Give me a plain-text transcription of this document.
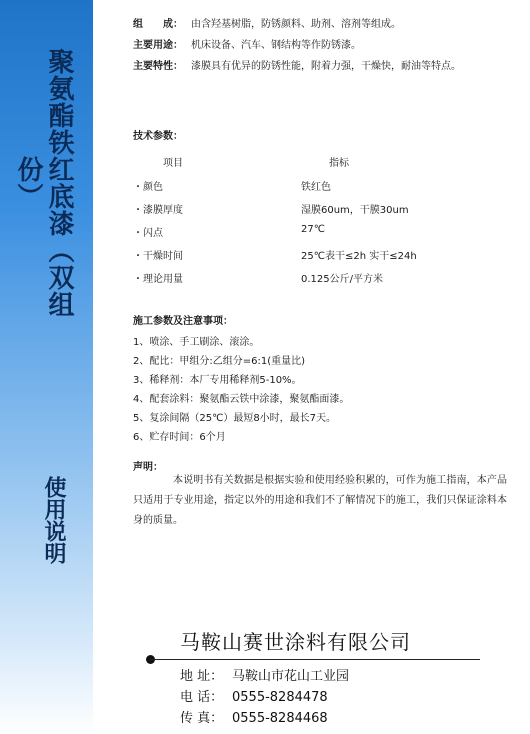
聚氨酯铁红底漆（双组份）
使用说明
组　　成： 由含羟基树脂，防锈颜料、助剂、溶剂等组成。
主要用途： 机床设备、汽车、钢结构等作防锈漆。
主要特性： 漆膜具有优异的防锈性能，附着力强，干燥快，耐油等特点。
技术参数：
项目	指标
・颜色	铁红色
・漆膜厚度	湿膜60um，干膜30um
・闪点	27℃
・干燥时间	25℃表干≤2h 实干≤24h
・理论用量	0.125公斤/平方米
施工参数及注意事项：
1、喷涂、手工刷涂、滚涂。
2、配比：甲组分:乙组分=6:1(重量比)
3、稀释剂：本厂专用稀释剂5-10%。
4、配套涂料：聚氨酯云铁中涂漆，聚氨酯面漆。
5、复涂间隔（25℃）最短8小时，最长7天。
6、贮存时间：6个月
声明：
本说明书有关数据是根据实验和使用经验积累的，可作为施工指南，本产品只适用于专业用途，指定以外的用途和我们不了解情况下的施工，我们只保证涂料本身的质量。
马鞍山赛世涂料有限公司
地 址： 马鞍山市花山工业园
电 话： 0555-8284478
传 真： 0555-8284468
